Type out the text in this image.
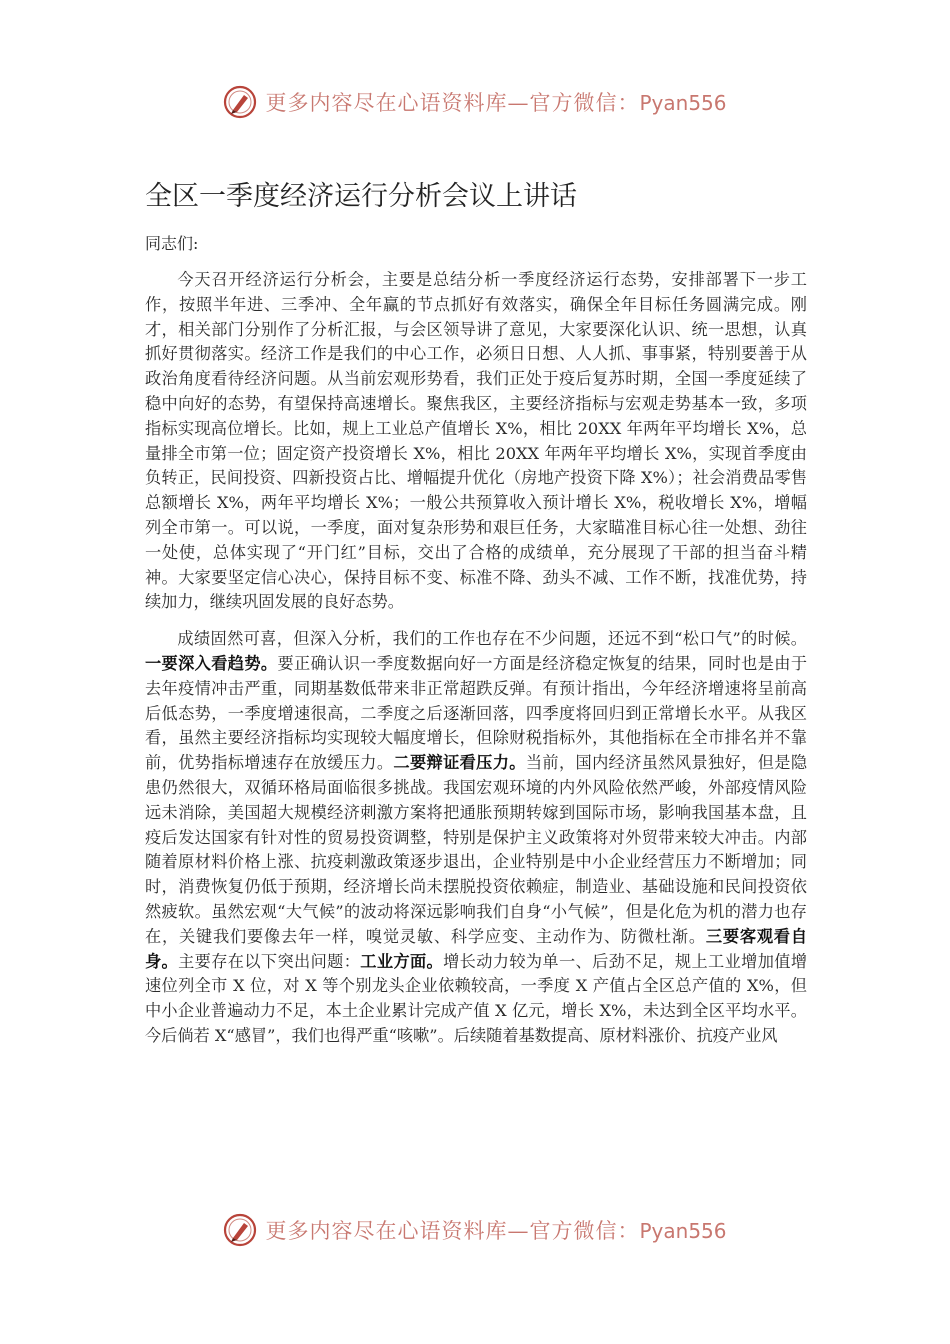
更多内容尽在心语资料库—官方微信：Pyan556
全区一季度经济运行分析会议上讲话

同志们:

今天召开经济运行分析会，主要是总结分析一季度经济运行态势，安排部署下一步工作，按照半年进、三季冲、全年赢的节点抓好有效落实，确保全年目标任务圆满完成。刚才，相关部门分别作了分析汇报，与会区领导讲了意见，大家要深化认识、统一思想，认真抓好贯彻落实。经济工作是我们的中心工作，必须日日想、人人抓、事事紧，特别要善于从政治角度看待经济问题。从当前宏观形势看，我们正处于疫后复苏时期，全国一季度延续了稳中向好的态势，有望保持高速增长。聚焦我区，主要经济指标与宏观走势基本一致，多项指标实现高位增长。比如，规上工业总产值增长 X%，相比 20XX 年两年平均增长 X%，总量排全市第一位；固定资产投资增长 X%，相比 20XX 年两年平均增长 X%，实现首季度由负转正，民间投资、四新投资占比、增幅提升优化（房地产投资下降 X%）；社会消费品零售总额增长 X%，两年平均增长 X%；一般公共预算收入预计增长 X%，税收增长 X%，增幅列全市第一。可以说，一季度，面对复杂形势和艰巨任务，大家瞄准目标心往一处想、劲往一处使，总体实现了“开门红”目标，交出了合格的成绩单，充分展现了干部的担当奋斗精神。大家要坚定信心决心，保持目标不变、标准不降、劲头不减、工作不断，找准优势，持续加力，继续巩固发展的良好态势。

成绩固然可喜，但深入分析，我们的工作也存在不少问题，还远不到“松口气”的时候。一要深入看趋势。要正确认识一季度数据向好一方面是经济稳定恢复的结果，同时也是由于去年疫情冲击严重，同期基数低带来非正常超跌反弹。有预计指出，今年经济增速将呈前高后低态势，一季度增速很高，二季度之后逐渐回落，四季度将回归到正常增长水平。从我区看，虽然主要经济指标均实现较大幅度增长，但除财税指标外，其他指标在全市排名并不靠前，优势指标增速存在放缓压力。二要辩证看压力。当前，国内经济虽然风景独好，但是隐患仍然很大，双循环格局面临很多挑战。我国宏观环境的内外风险依然严峻，外部疫情风险远未消除，美国超大规模经济刺激方案将把通胀预期转嫁到国际市场，影响我国基本盘，且疫后发达国家有针对性的贸易投资调整，特别是保护主义政策将对外贸带来较大冲击。内部随着原材料价格上涨、抗疫刺激政策逐步退出，企业特别是中小企业经营压力不断增加；同时，消费恢复仍低于预期，经济增长尚未摆脱投资依赖症，制造业、基础设施和民间投资依然疲软。虽然宏观“大气候”的波动将深远影响我们自身“小气候”，但是化危为机的潜力也存在，关键我们要像去年一样，嗅觉灵敏、科学应变、主动作为、防微杜渐。三要客观看自身。主要存在以下突出问题：工业方面。增长动力较为单一、后劲不足，规上工业增加值增速位列全市 X 位，对 X 等个别龙头企业依赖较高，一季度 X 产值占全区总产值的 X%，但中小企业普遍动力不足，本土企业累计完成产值 X 亿元，增长 X%，未达到全区平均水平。今后倘若 X“感冒”，我们也得严重“咳嗽”。后续随着基数提高、原材料涨价、抗疫产业风

更多内容尽在心语资料库—官方微信：Pyan556
